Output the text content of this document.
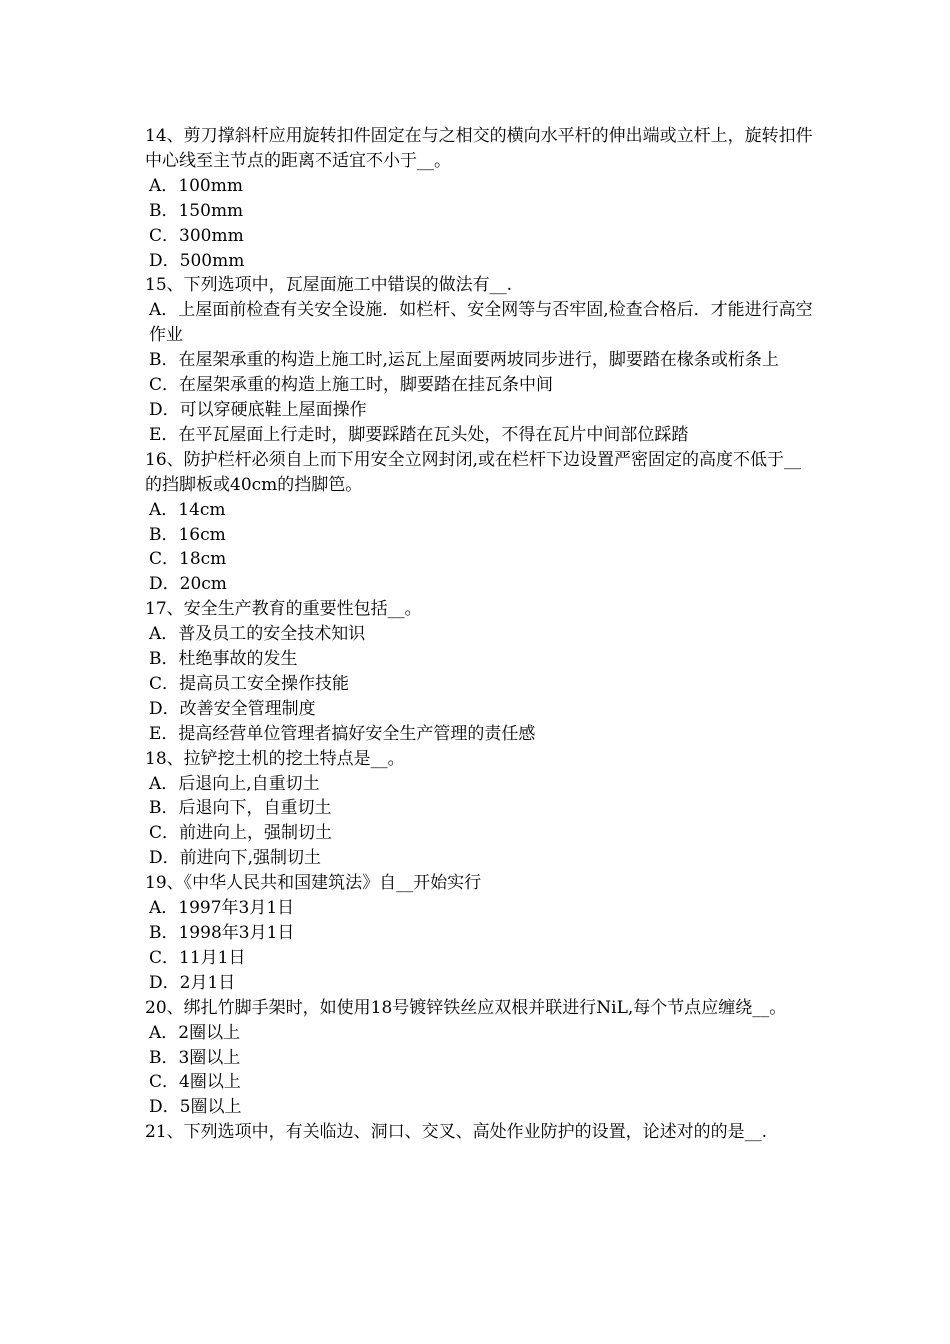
14、剪刀撑斜杆应用旋转扣件固定在与之相交的横向水平杆的伸出端或立杆上，旋转扣件中心线至主节点的距离不适宜不小于__。

A．100mm

B．150mm

C．300mm

D．500mm

15、下列选项中，瓦屋面施工中错误的做法有__.

A．上屋面前检查有关安全设施．如栏杆、安全网等与否牢固,检查合格后．才能进行高空作业

B．在屋架承重的构造上施工时,运瓦上屋面要两坡同步进行，脚要踏在椽条或桁条上

C．在屋架承重的构造上施工时，脚要踏在挂瓦条中间

D．可以穿硬底鞋上屋面操作

E．在平瓦屋面上行走时，脚要踩踏在瓦头处，不得在瓦片中间部位踩踏

16、防护栏杆必须自上而下用安全立网封闭,或在栏杆下边设置严密固定的高度不低于__的挡脚板或40cm的挡脚笆。

A．14cm

B．16cm

C．18cm

D．20cm

17、安全生产教育的重要性包括__。

A．普及员工的安全技术知识

B．杜绝事故的发生

C．提高员工安全操作技能

D．改善安全管理制度

E．提高经营单位管理者搞好安全生产管理的责任感

18、拉铲挖土机的挖土特点是__。

A．后退向上,自重切土

B．后退向下，自重切土

C．前进向上，强制切土

D．前进向下,强制切土

19、《中华人民共和国建筑法》自__开始实行

A．1997年3月1日

B．1998年3月1日

C．11月1日

D．2月1日

20、绑扎竹脚手架时，如使用18号镀锌铁丝应双根并联进行NiL,每个节点应缠绕__。

A．2圈以上

B．3圈以上

C．4圈以上

D．5圈以上

21、下列选项中，有关临边、洞口、交叉、高处作业防护的设置，论述对的的是__.
